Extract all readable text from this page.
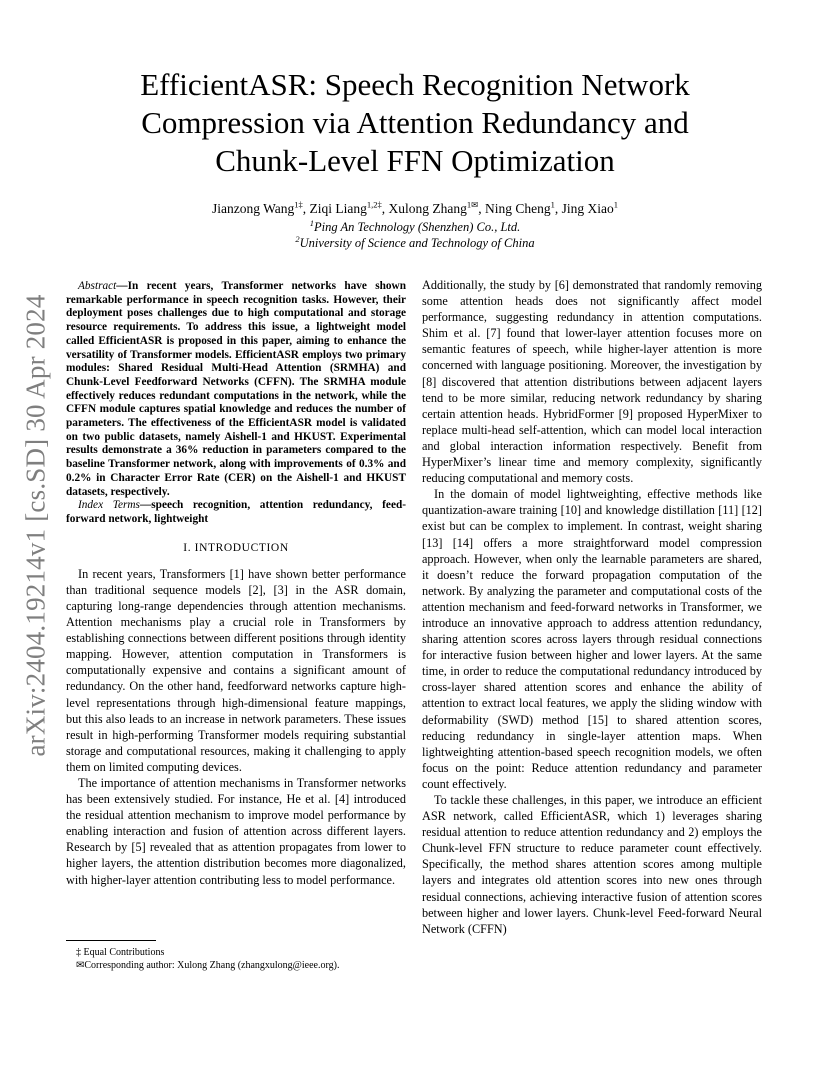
arXiv:2404.19214v1 [cs.SD] 30 Apr 2024
EfficientASR: Speech Recognition Network
Compression via Attention Redundancy and
Chunk-Level FFN Optimization
Jianzong Wang$^{1\ddagger}$, Ziqi Liang$^{1,2\ddagger}$, Xulong Zhang$^{1✉}$, Ning Cheng$^1$, Jing Xiao$^1$
$^1$Ping An Technology (Shenzhen) Co., Ltd.
$^2$University of Science and Technology of China

Abstract—In recent years, Transformer networks have shown remarkable performance in speech recognition tasks. However, their deployment poses challenges due to high computational and storage resource requirements. To address this issue, a lightweight model called EfficientASR is proposed in this paper, aiming to enhance the versatility of Transformer models. EfficientASR employs two primary modules: Shared Residual Multi-Head Attention (SRMHA) and Chunk-Level Feedforward Networks (CFFN). The SRMHA module effectively reduces redundant computations in the network, while the CFFN module captures spatial knowledge and reduces the number of parameters. The effectiveness of the EfficientASR model is validated on two public datasets, namely Aishell-1 and HKUST. Experimental results demonstrate a 36% reduction in parameters compared to the baseline Transformer network, along with improvements of 0.3% and 0.2% in Character Error Rate (CER) on the Aishell-1 and HKUST datasets, respectively.

Index Terms—speech recognition, attention redundancy, feed-forward network, lightweight

I. INTRODUCTION

In recent years, Transformers [1] have shown better performance than traditional sequence models [2], [3] in the ASR domain, capturing long-range dependencies through attention mechanisms. Attention mechanisms play a crucial role in Transformers by establishing connections between different positions through identity mapping. However, attention computation in Transformers is computationally expensive and contains a significant amount of redundancy. On the other hand, feedforward networks capture high-level representations through high-dimensional feature mappings, but this also leads to an increase in network parameters. These issues result in high-performing Transformer models requiring substantial storage and computational resources, making it challenging to apply them on limited computing devices.

The importance of attention mechanisms in Transformer networks has been extensively studied. For instance, He et al. [4] introduced the residual attention mechanism to improve model performance by enabling interaction and fusion of attention across different layers. Research by [5] revealed that as attention propagates from lower to higher layers, the attention distribution becomes more diagonalized, with higher-layer attention contributing less to model performance.

‡ Equal Contributions

✉Corresponding author: Xulong Zhang (zhangxulong@ieee.org).

Additionally, the study by [6] demonstrated that randomly removing some attention heads does not significantly affect model performance, suggesting redundancy in attention computations. Shim et al. [7] found that lower-layer attention focuses more on semantic features of speech, while higher-layer attention is more concerned with language positioning. Moreover, the investigation by [8] discovered that attention distributions between adjacent layers tend to be more similar, reducing network redundancy by sharing certain attention heads. HybridFormer [9] proposed HyperMixer to replace multi-head self-attention, which can model local interaction and global interaction information respectively. Benefit from HyperMixer’s linear time and memory complexity, significantly reducing computational and memory costs.

In the domain of model lightweighting, effective methods like quantization-aware training [10] and knowledge distillation [11] [12] exist but can be complex to implement. In contrast, weight sharing [13] [14] offers a more straightforward model compression approach. However, when only the learnable parameters are shared, it doesn’t reduce the forward propagation computation of the network. By analyzing the parameter and computational costs of the attention mechanism and feed-forward networks in Transformer, we introduce an innovative approach to address attention redundancy, sharing attention scores across layers through residual connections for interactive fusion between higher and lower layers. At the same time, in order to reduce the computational redundancy introduced by cross-layer shared attention scores and enhance the ability of attention to extract local features, we apply the sliding window with deformability (SWD) method [15] to shared attention scores, reducing redundancy in single-layer attention maps. When lightweighting attention-based speech recognition models, we often focus on the point: Reduce attention redundancy and parameter count effectively.

To tackle these challenges, in this paper, we introduce an efficient ASR network, called EfficientASR, which 1) leverages sharing residual attention to reduce attention redundancy and 2) employs the Chunk-level FFN structure to reduce parameter count effectively. Specifically, the method shares attention scores among multiple layers and integrates old attention scores into new ones through residual connections, achieving interactive fusion of attention scores between higher and lower layers. Chunk-level Feed-forward Neural Network (CFFN)
